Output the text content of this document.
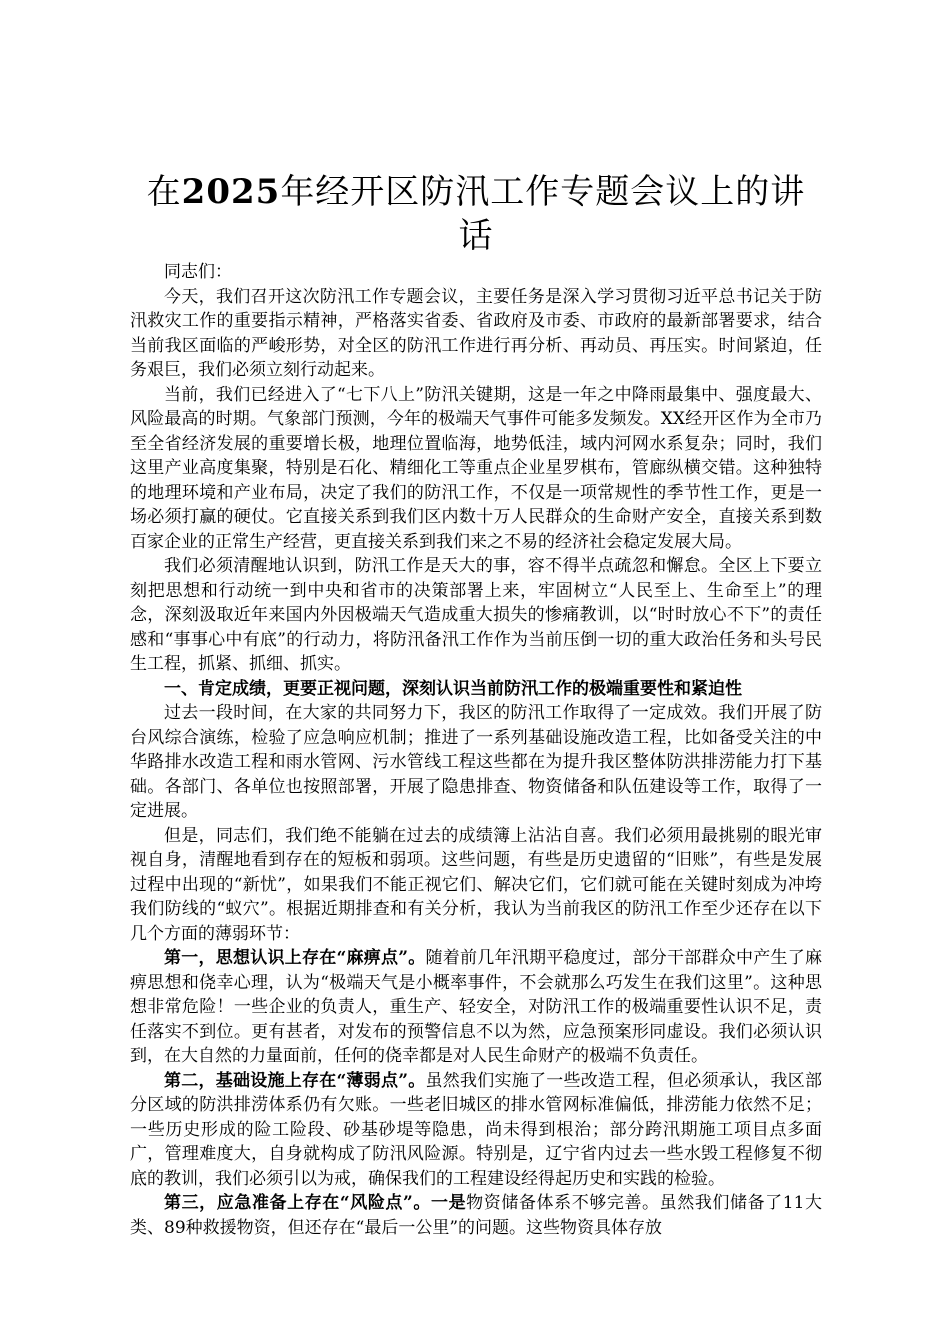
在2025年经开区防汛工作专题会议上的讲话

同志们：

今天，我们召开这次防汛工作专题会议，主要任务是深入学习贯彻习近平总书记关于防汛救灾工作的重要指示精神，严格落实省委、省政府及市委、市政府的最新部署要求，结合当前我区面临的严峻形势，对全区的防汛工作进行再分析、再动员、再压实。时间紧迫，任务艰巨，我们必须立刻行动起来。

当前，我们已经进入了“七下八上”防汛关键期，这是一年之中降雨最集中、强度最大、风险最高的时期。气象部门预测，今年的极端天气事件可能多发频发。XX经开区作为全市乃至全省经济发展的重要增长极，地理位置临海，地势低洼，域内河网水系复杂；同时，我们这里产业高度集聚，特别是石化、精细化工等重点企业星罗棋布，管廊纵横交错。这种独特的地理环境和产业布局，决定了我们的防汛工作，不仅是一项常规性的季节性工作，更是一场必须打赢的硬仗。它直接关系到我们区内数十万人民群众的生命财产安全，直接关系到数百家企业的正常生产经营，更直接关系到我们来之不易的经济社会稳定发展大局。

我们必须清醒地认识到，防汛工作是天大的事，容不得半点疏忽和懈怠。全区上下要立刻把思想和行动统一到中央和省市的决策部署上来，牢固树立“人民至上、生命至上”的理念，深刻汲取近年来国内外因极端天气造成重大损失的惨痛教训，以“时时放心不下”的责任感和“事事心中有底”的行动力，将防汛备汛工作作为当前压倒一切的重大政治任务和头号民生工程，抓紧、抓细、抓实。

一、肯定成绩，更要正视问题，深刻认识当前防汛工作的极端重要性和紧迫性

过去一段时间，在大家的共同努力下，我区的防汛工作取得了一定成效。我们开展了防台风综合演练，检验了应急响应机制；推进了一系列基础设施改造工程，比如备受关注的中华路排水改造工程和雨水管网、污水管线工程这些都在为提升我区整体防洪排涝能力打下基础。各部门、各单位也按照部署，开展了隐患排查、物资储备和队伍建设等工作，取得了一定进展。

但是，同志们，我们绝不能躺在过去的成绩簿上沾沾自喜。我们必须用最挑剔的眼光审视自身，清醒地看到存在的短板和弱项。这些问题，有些是历史遗留的“旧账”，有些是发展过程中出现的“新忧”，如果我们不能正视它们、解决它们，它们就可能在关键时刻成为冲垮我们防线的“蚁穴”。根据近期排查和有关分析，我认为当前我区的防汛工作至少还存在以下几个方面的薄弱环节：

第一，思想认识上存在“麻痹点”。随着前几年汛期平稳度过，部分干部群众中产生了麻痹思想和侥幸心理，认为“极端天气是小概率事件，不会就那么巧发生在我们这里”。这种思想非常危险！一些企业的负责人，重生产、轻安全，对防汛工作的极端重要性认识不足，责任落实不到位。更有甚者，对发布的预警信息不以为然，应急预案形同虚设。我们必须认识到，在大自然的力量面前，任何的侥幸都是对人民生命财产的极端不负责任。

第二，基础设施上存在“薄弱点”。虽然我们实施了一些改造工程，但必须承认，我区部分区域的防洪排涝体系仍有欠账。一些老旧城区的排水管网标准偏低，排涝能力依然不足；一些历史形成的险工险段、砂基砂堤等隐患，尚未得到根治；部分跨汛期施工项目点多面广，管理难度大，自身就构成了防汛风险源。特别是，辽宁省内过去一些水毁工程修复不彻底的教训，我们必须引以为戒，确保我们的工程建设经得起历史和实践的检验。

第三，应急准备上存在“风险点”。一是物资储备体系不够完善。虽然我们储备了11大类、89种救援物资，但还存在“最后一公里”的问题。这些物资具体存放
